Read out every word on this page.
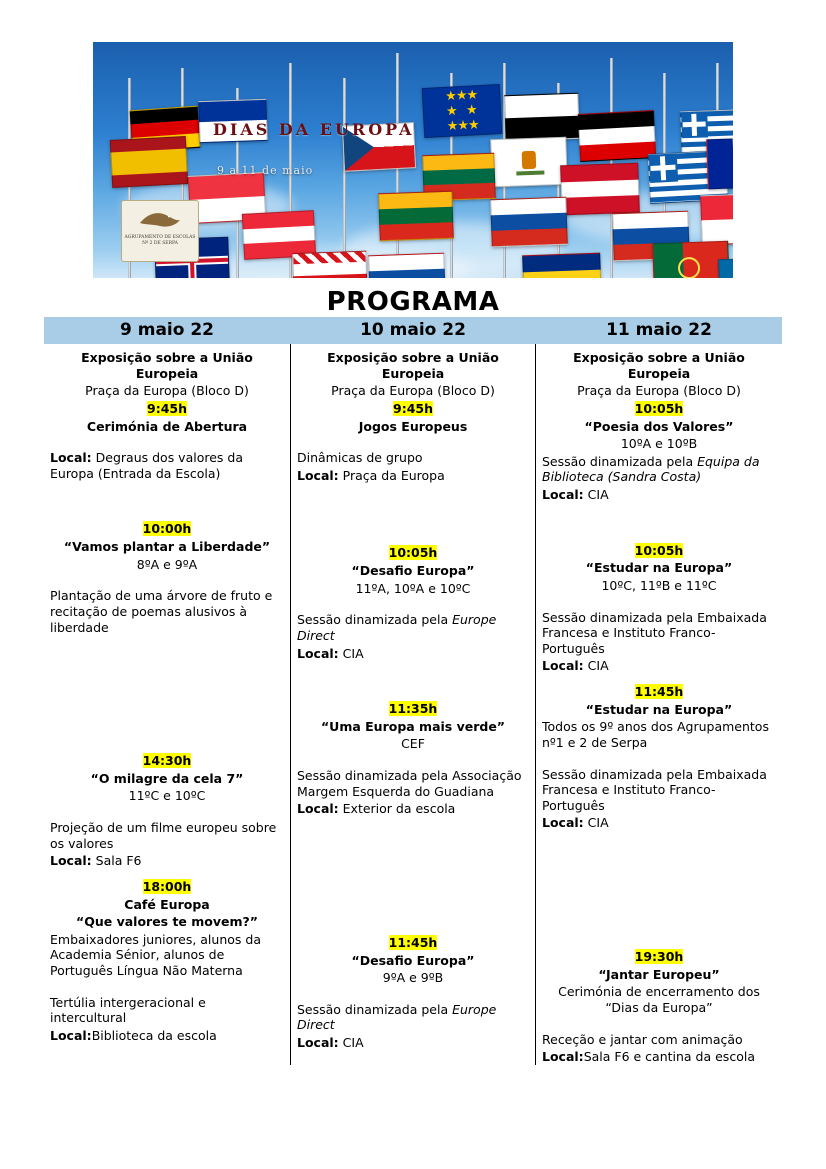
★★★
★   ★
★★★
DIAS DA EUROPA
9 a 11 de maio
AGRUPAMENTO DE ESCOLAS Nº 2 DE SERPA
PROGRAMA
9 maio 22	10 maio 22	11 maio 22
Exposição sobre a União Europeia
Praça da Europa (Bloco D)
9:45h
Cerimónia de Abertura
Local: Degraus dos valores da Europa (Entrada da Escola)
10:00h
“Vamos plantar a Liberdade”
8ºA e 9ºA
Plantação de uma árvore de fruto e recitação de poemas alusivos à liberdade
14:30h
“O milagre da cela 7”
11ºC e 10ºC
Projeção de um filme europeu sobre os valores
Local: Sala F6
18:00h
Café Europa
“Que valores te movem?”
Embaixadores juniores, alunos da Academia Sénior, alunos de Português Língua Não Materna
Tertúlia intergeracional e intercultural
Local:Biblioteca da escola
Exposição sobre a União Europeia
Praça da Europa (Bloco D)
9:45h
Jogos Europeus
Dinâmicas de grupo
Local: Praça da Europa
10:05h
“Desafio Europa”
11ºA, 10ºA e 10ºC
Sessão dinamizada pela Europe Direct
Local: CIA
11:35h
“Uma Europa mais verde”
CEF
Sessão dinamizada pela Associação Margem Esquerda do Guadiana
Local: Exterior da escola
11:45h
“Desafio Europa”
9ºA e 9ºB
Sessão dinamizada pela Europe Direct
Local: CIA
Exposição sobre a União Europeia
Praça da Europa (Bloco D)
10:05h
“Poesia dos Valores”
10ºA e 10ºB
Sessão dinamizada pela Equipa da Biblioteca (Sandra Costa)
Local: CIA
10:05h
“Estudar na Europa”
10ºC, 11ºB e 11ºC
Sessão dinamizada pela Embaixada Francesa e Instituto Franco-Português
Local: CIA
11:45h
“Estudar na Europa”
Todos os 9º anos dos Agrupamentos nº1 e 2 de Serpa
Sessão dinamizada pela Embaixada Francesa e Instituto Franco-Português
Local: CIA
19:30h
“Jantar Europeu”
Cerimónia de encerramento dos “Dias da Europa”
Receção e jantar com animação
Local:Sala F6 e cantina da escola
